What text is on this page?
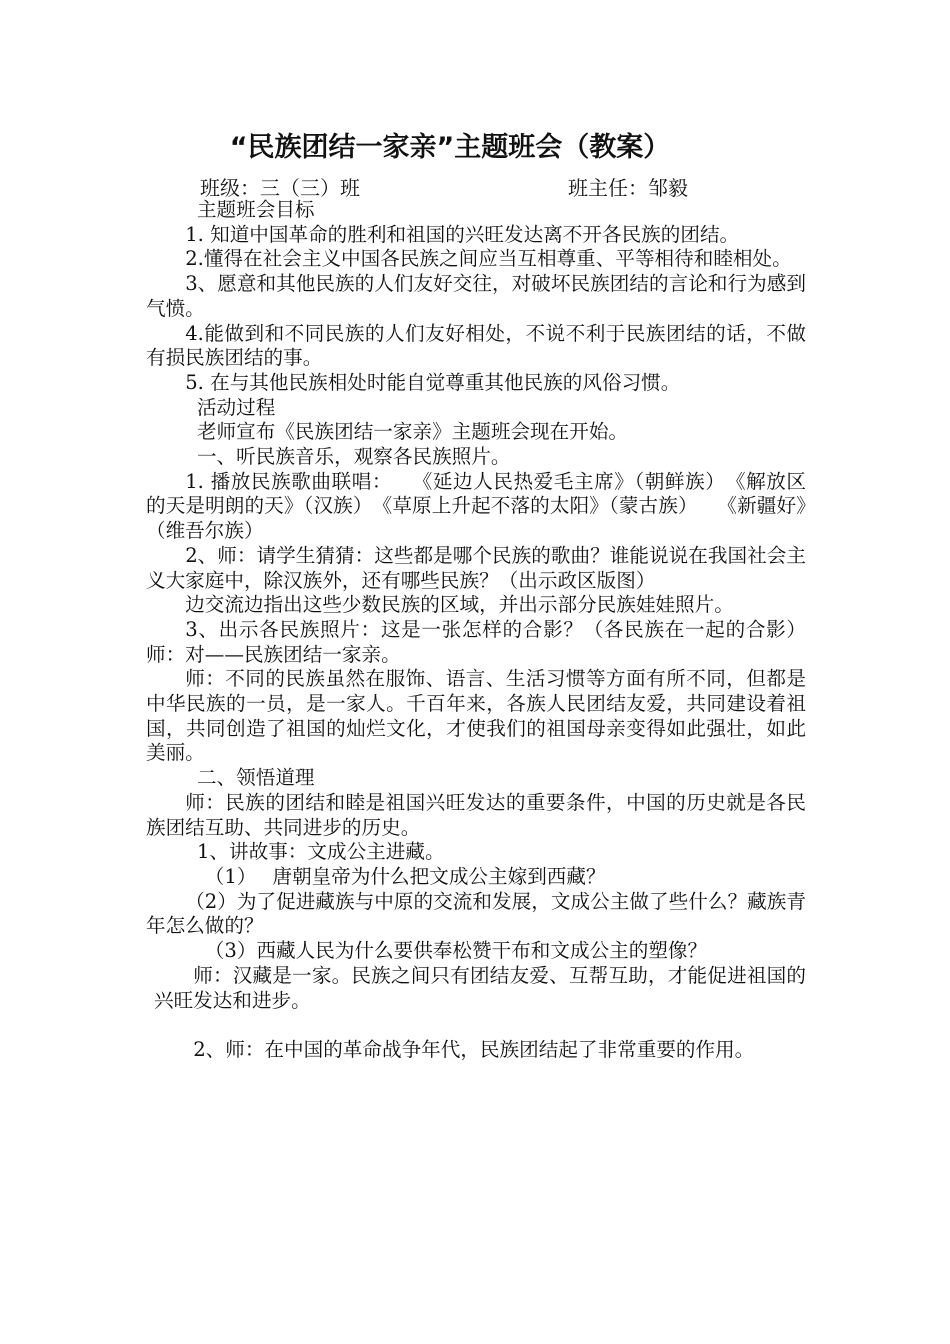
“民族团结一家亲”主题班会（教案）
班级：三（三）班	班主任：邹毅

主题班会目标

1. 知道中国革命的胜利和祖国的兴旺发达离不开各民族的团结。

2.懂得在社会主义中国各民族之间应当互相尊重、平等相待和睦相处。

3、愿意和其他民族的人们友好交往，对破坏民族团结的言论和行为感到气愤。

4.能做到和不同民族的人们友好相处，不说不利于民族团结的话，不做有损民族团结的事。

5. 在与其他民族相处时能自觉尊重其他民族的风俗习惯。

活动过程

老师宣布《民族团结一家亲》主题班会现在开始。

一、听民族音乐，观察各民族照片。

1. 播放民族歌曲联唱：　　《延边人民热爱毛主席》（朝鲜族）　《解放区的天是明朗的天》（汉族）　《草原上升起不落的太阳》（蒙古族）　　《新疆好》（维吾尔族）

2、师：请学生猜猜：这些都是哪个民族的歌曲？谁能说说在我国社会主义大家庭中，除汉族外，还有哪些民族？（出示政区版图）

边交流边指出这些少数民族的区域，并出示部分民族娃娃照片。

3、出示各民族照片：这是一张怎样的合影？（各民族在一起的合影）师：对——民族团结一家亲。

师：不同的民族虽然在服饰、语言、生活习惯等方面有所不同，但都是中华民族的一员，是一家人。千百年来，各族人民团结友爱，共同建设着祖国，共同创造了祖国的灿烂文化，才使我们的祖国母亲变得如此强壮，如此美丽。

二、领悟道理

师：民族的团结和睦是祖国兴旺发达的重要条件，中国的历史就是各民族团结互助、共同进步的历史。

1、讲故事：文成公主进藏。

（1）　 唐朝皇帝为什么把文成公主嫁到西藏？

（2）为了促进藏族与中原的交流和发展，文成公主做了些什么？藏族青年怎么做的？

（3）西藏人民为什么要供奉松赞干布和文成公主的塑像？

师：汉藏是一家。民族之间只有团结友爱、互帮互助，才能促进祖国的兴旺发达和进步。

2、师：在中国的革命战争年代，民族团结起了非常重要的作用。
